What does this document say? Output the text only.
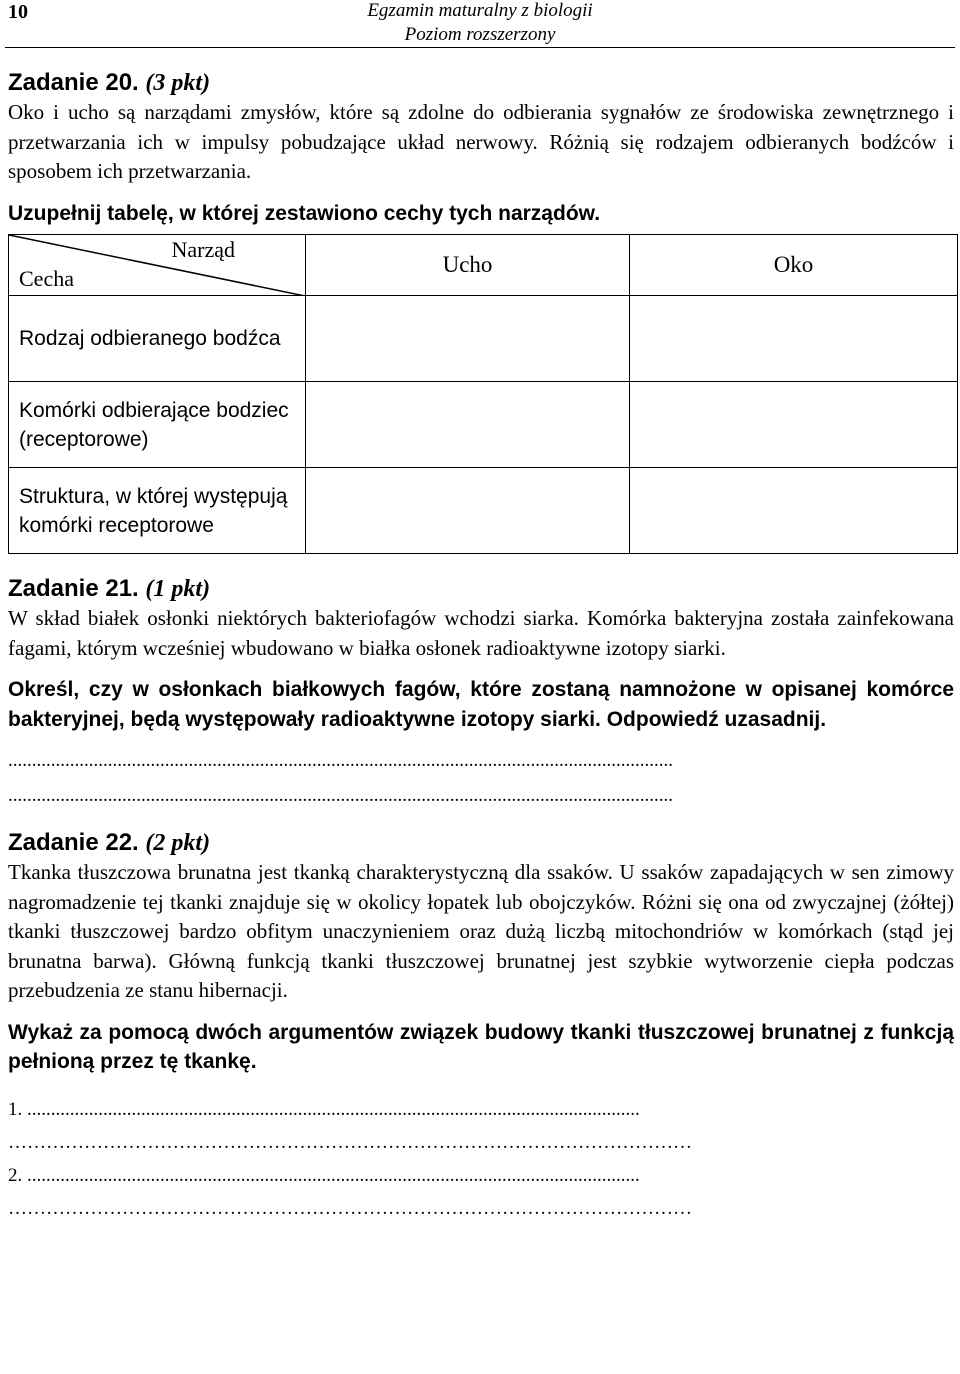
10	Egzamin maturalny z biologii
Poziom rozszerzony
Zadanie 20. (3 pkt)

Oko i ucho są narządami zmysłów, które są zdolne do odbierania sygnałów ze środowiska zewnętrznego i przetwarzania ich w impulsy pobudzające układ nerwowy. Różnią się rodzajem odbieranych bodźców i sposobem ich przetwarzania.

Uzupełnij tabelę, w której zestawiono cechy tych narządów.

Narząd
Cecha	Ucho	Oko
Rodzaj odbieranego bodźca		
Komórki odbierające bodziec (receptorowe)		
Struktura, w której występują komórki receptorowe		
Zadanie 21. (1 pkt)

W skład białek osłonki niektórych bakteriofagów wchodzi siarka. Komórka bakteryjna została zainfekowana fagami, którym wcześniej wbudowano w białka osłonek radioaktywne izotopy siarki.

Określ, czy w osłonkach białkowych fagów, które zostaną namnożone w opisanej komórce bakteryjnej, będą występowały radioaktywne izotopy siarki. Odpowiedź uzasadnij.

............................................................................................................................................
............................................................................................................................................
Zadanie 22. (2 pkt)

Tkanka tłuszczowa brunatna jest tkanką charakterystyczną dla ssaków. U ssaków zapadających w sen zimowy nagromadzenie tej tkanki znajduje się w okolicy łopatek lub obojczyków. Różni się ona od zwyczajnej (żółtej) tkanki tłuszczowej bardzo obfitym unaczynieniem oraz dużą liczbą mitochondriów w komórkach (stąd jej brunatna barwa). Główną funkcją tkanki tłuszczowej brunatnej jest szybkie wytworzenie ciepła podczas przebudzenia ze stanu hibernacji.

Wykaż za pomocą dwóch argumentów związek budowy tkanki tłuszczowej brunatnej z funkcją pełnioną przez tę tkankę.

1. .................................................................................................................................
………………………………………………………………………………………………
2. .................................................................................................................................
………………………………………………………………………………………………
